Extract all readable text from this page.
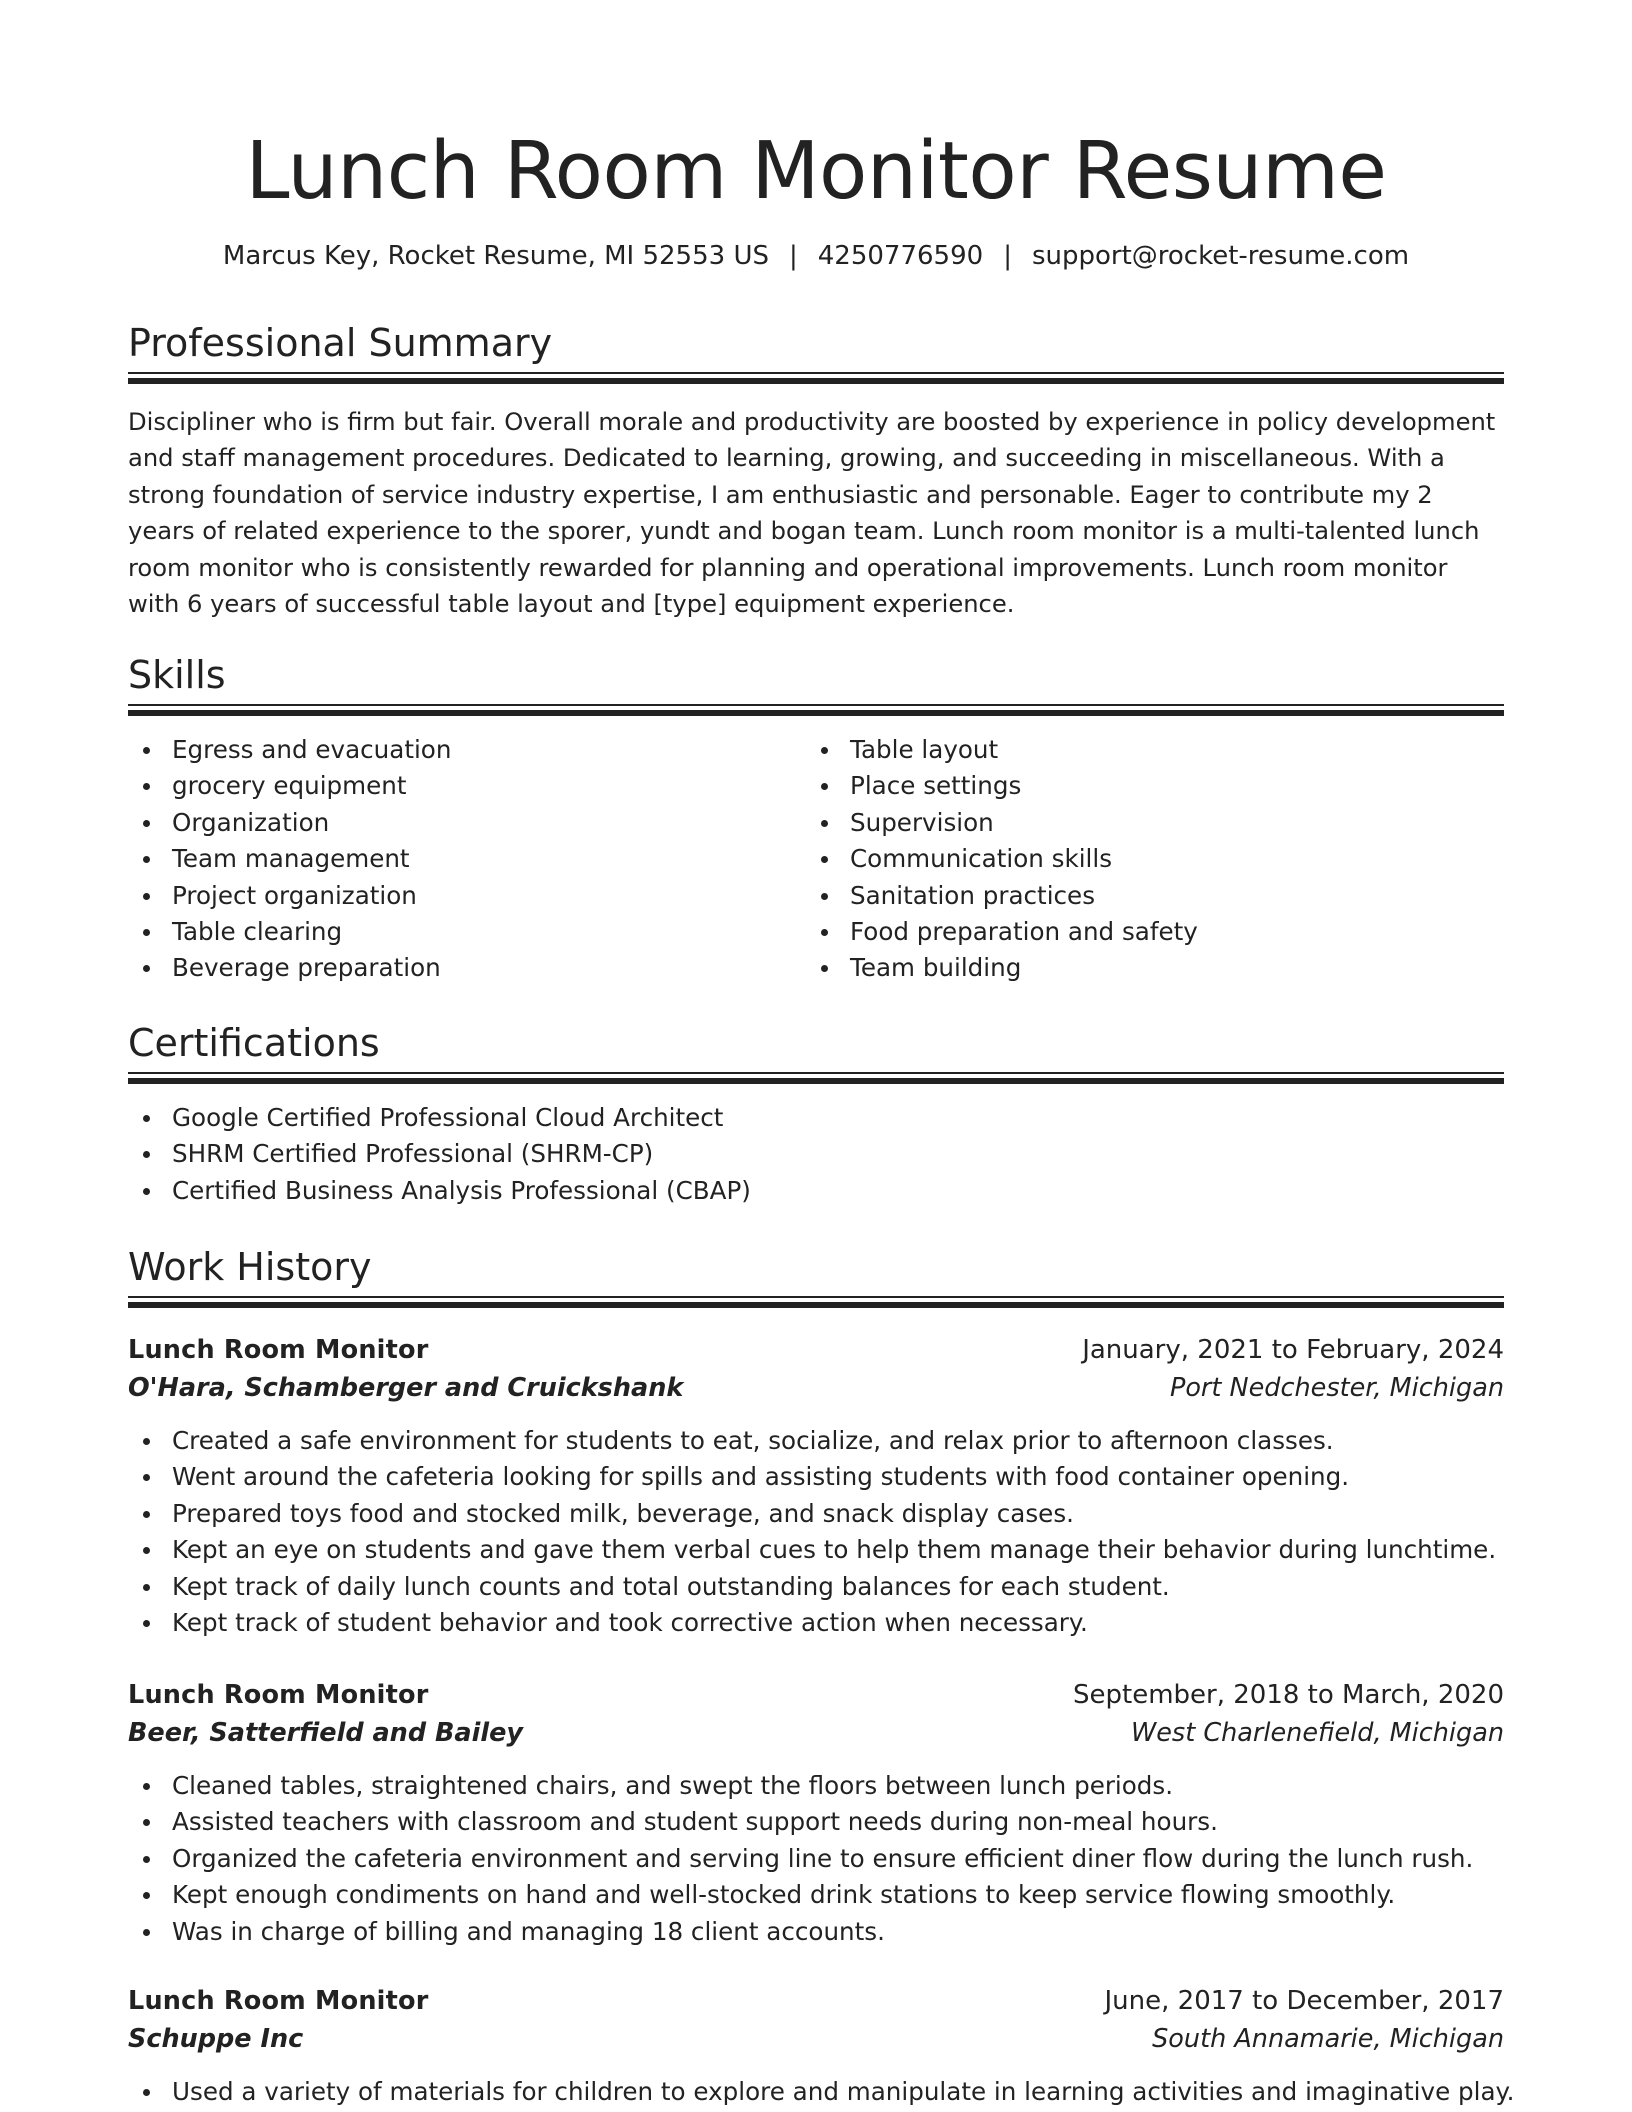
Lunch Room Monitor Resume
Marcus Key, Rocket Resume, MI 52553 US | 4250776590 | support@rocket-resume.com
Professional Summary

Discipliner who is firm but fair. Overall morale and productivity are boosted by experience in policy development and staff management procedures. Dedicated to learning, growing, and succeeding in miscellaneous. With a strong foundation of service industry expertise, I am enthusiastic and personable. Eager to contribute my 2 years of related experience to the sporer, yundt and bogan team. Lunch room monitor is a multi-talented lunch room monitor who is consistently rewarded for planning and operational improvements. Lunch room monitor with 6 years of successful table layout and [type] equipment experience.

Skills
Egress and evacuation
grocery equipment
Organization
Team management
Project organization
Table clearing
Beverage preparation
Table layout
Place settings
Supervision
Communication skills
Sanitation practices
Food preparation and safety
Team building
Certifications
Google Certified Professional Cloud Architect
SHRM Certified Professional (SHRM-CP)
Certified Business Analysis Professional (CBAP)
Work History
Lunch Room Monitor	January, 2021 to February, 2024
O'Hara, Schamberger and Cruickshank	Port Nedchester, Michigan
Created a safe environment for students to eat, socialize, and relax prior to afternoon classes.
Went around the cafeteria looking for spills and assisting students with food container opening.
Prepared toys food and stocked milk, beverage, and snack display cases.
Kept an eye on students and gave them verbal cues to help them manage their behavior during lunchtime.
Kept track of daily lunch counts and total outstanding balances for each student.
Kept track of student behavior and took corrective action when necessary.
Lunch Room Monitor	September, 2018 to March, 2020
Beer, Satterfield and Bailey	West Charlenefield, Michigan
Cleaned tables, straightened chairs, and swept the floors between lunch periods.
Assisted teachers with classroom and student support needs during non-meal hours.
Organized the cafeteria environment and serving line to ensure efficient diner flow during the lunch rush.
Kept enough condiments on hand and well-stocked drink stations to keep service flowing smoothly.
Was in charge of billing and managing 18 client accounts.
Lunch Room Monitor	June, 2017 to December, 2017
Schuppe Inc	South Annamarie, Michigan
Used a variety of materials for children to explore and manipulate in learning activities and imaginative play.
